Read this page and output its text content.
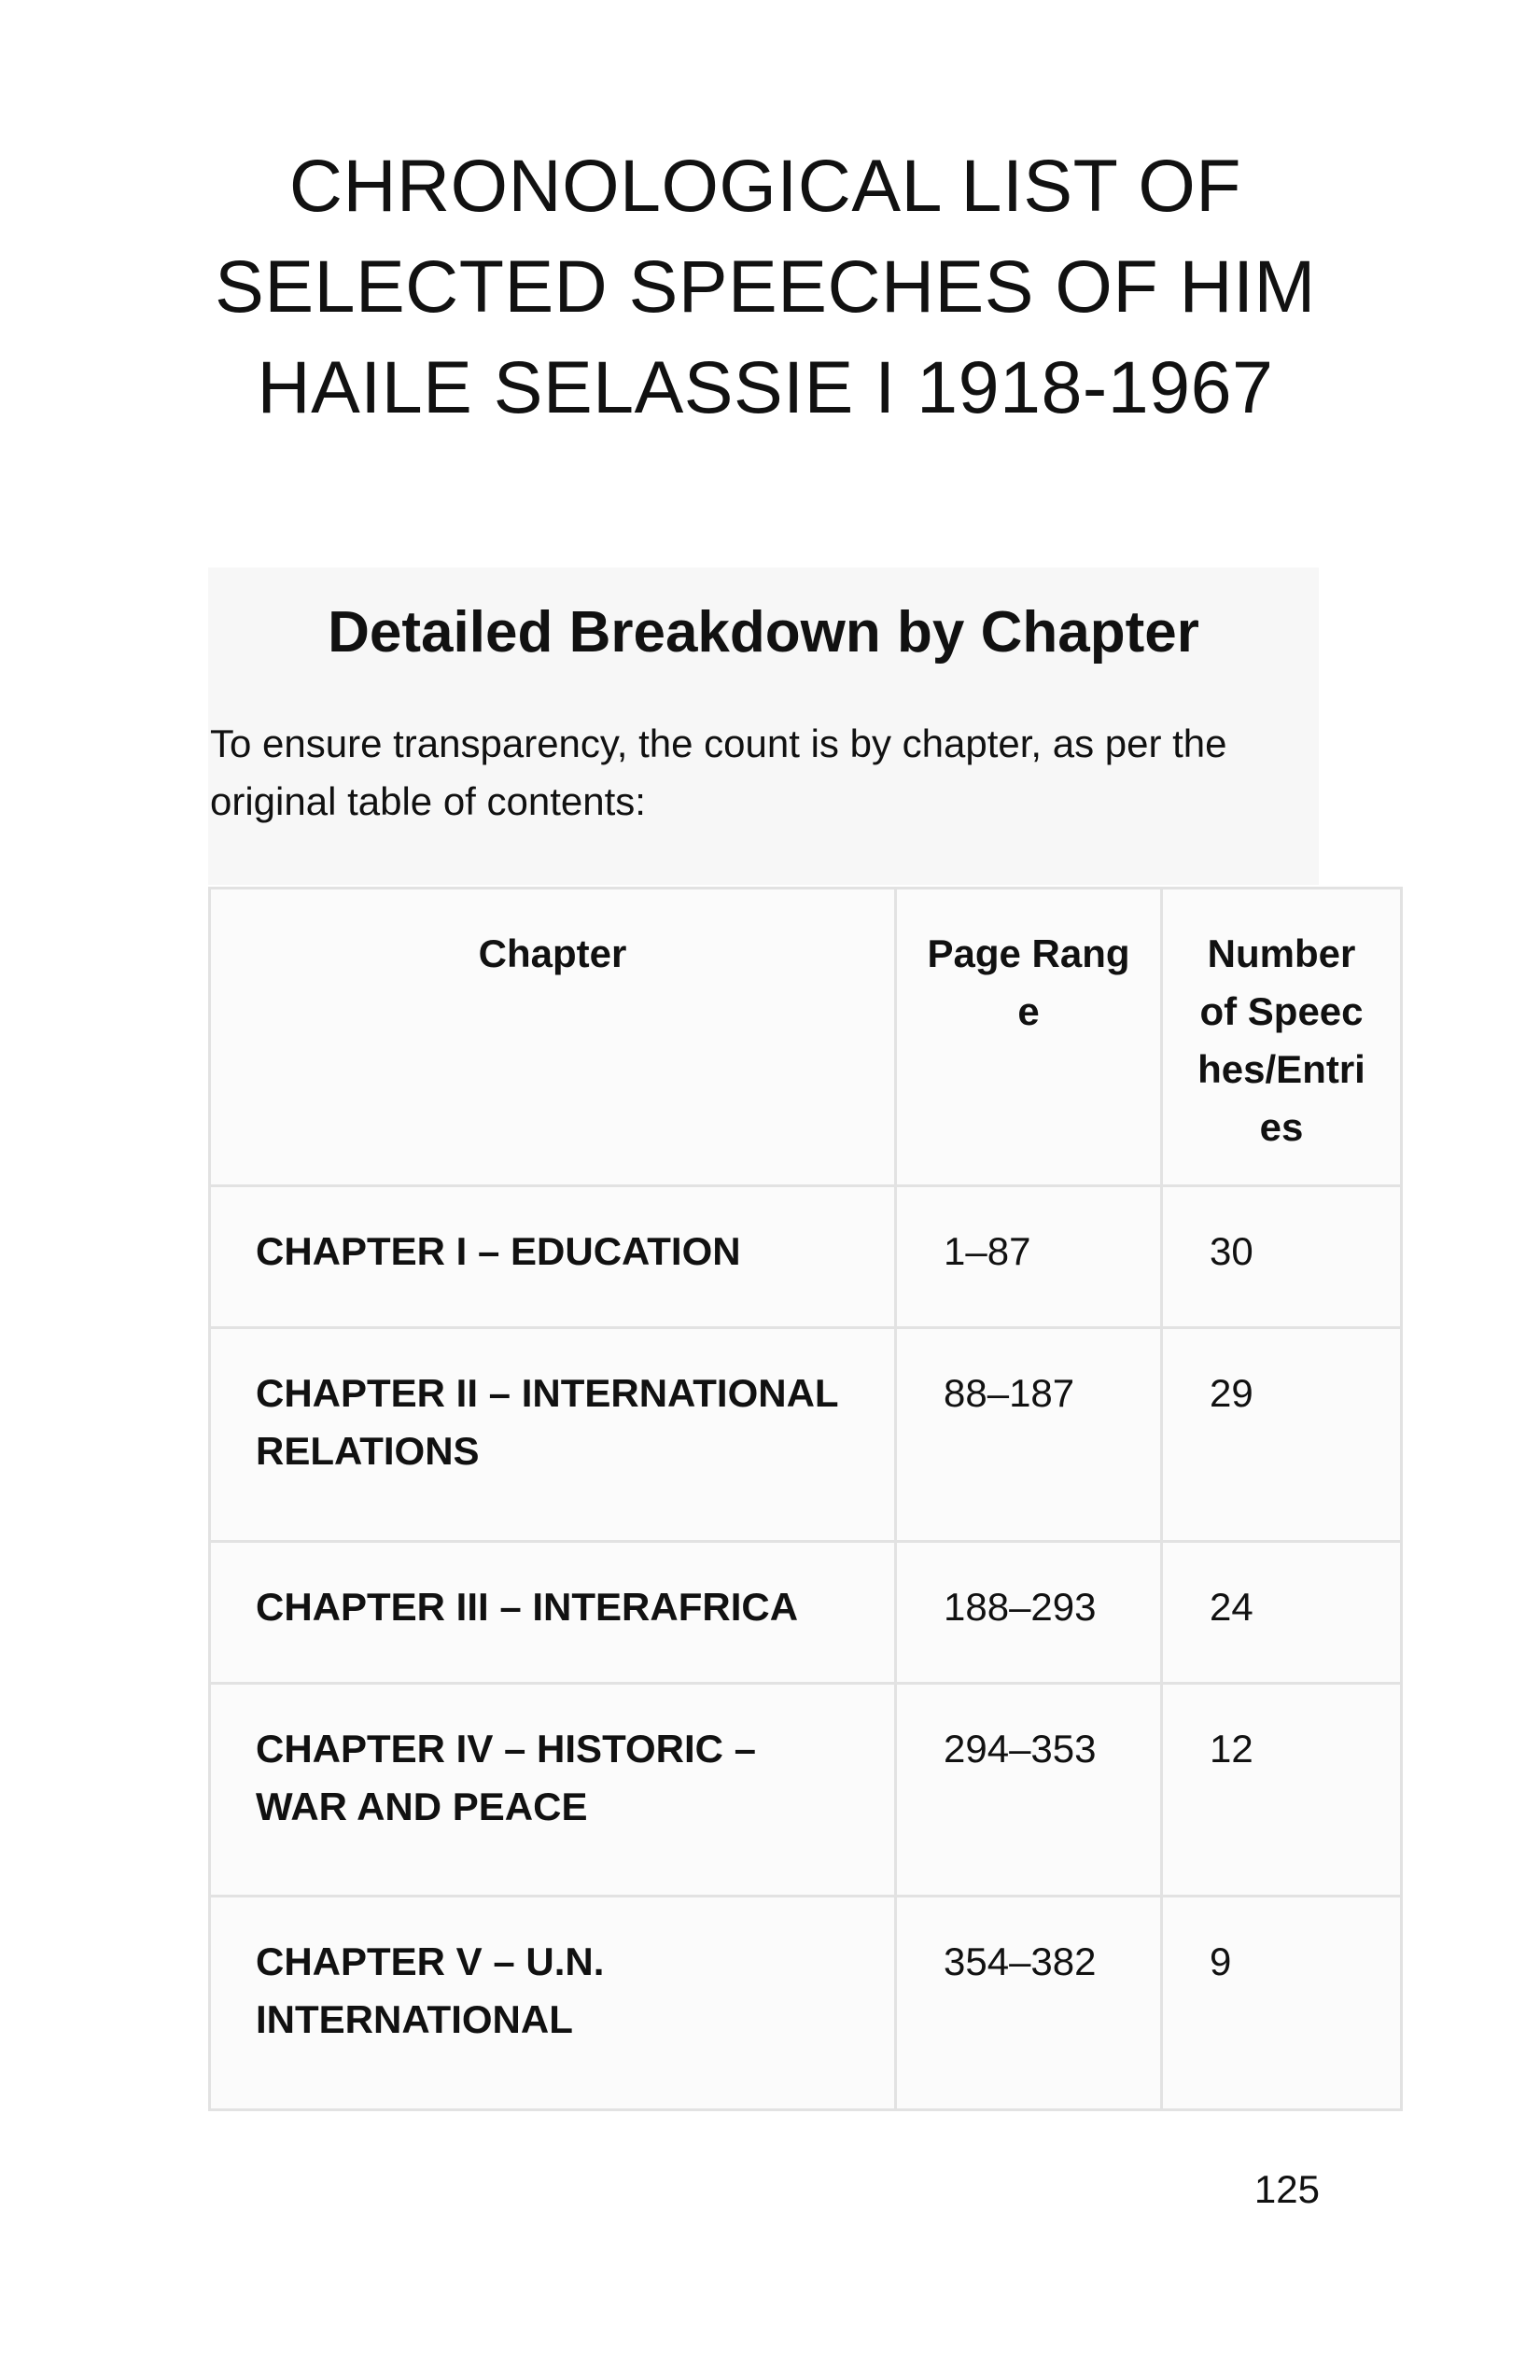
CHRONOLOGICAL LIST OF SELECTED SPEECHES OF HIM HAILE SELASSIE I 1918-1967
Detailed Breakdown by Chapter

To ensure transparency, the count is by chapter, as per the original table of contents:

Chapter	Page Range	Number of Speeches/Entries
CHAPTER I – EDUCATION	1–87	30
CHAPTER II – INTERNATIONAL RELATIONS	88–187	29
CHAPTER III – INTERAFRICA	188–293	24
CHAPTER IV – HISTORIC – WAR AND PEACE	294–353	12
CHAPTER V – U.N. INTERNATIONAL	354–382	9
125
